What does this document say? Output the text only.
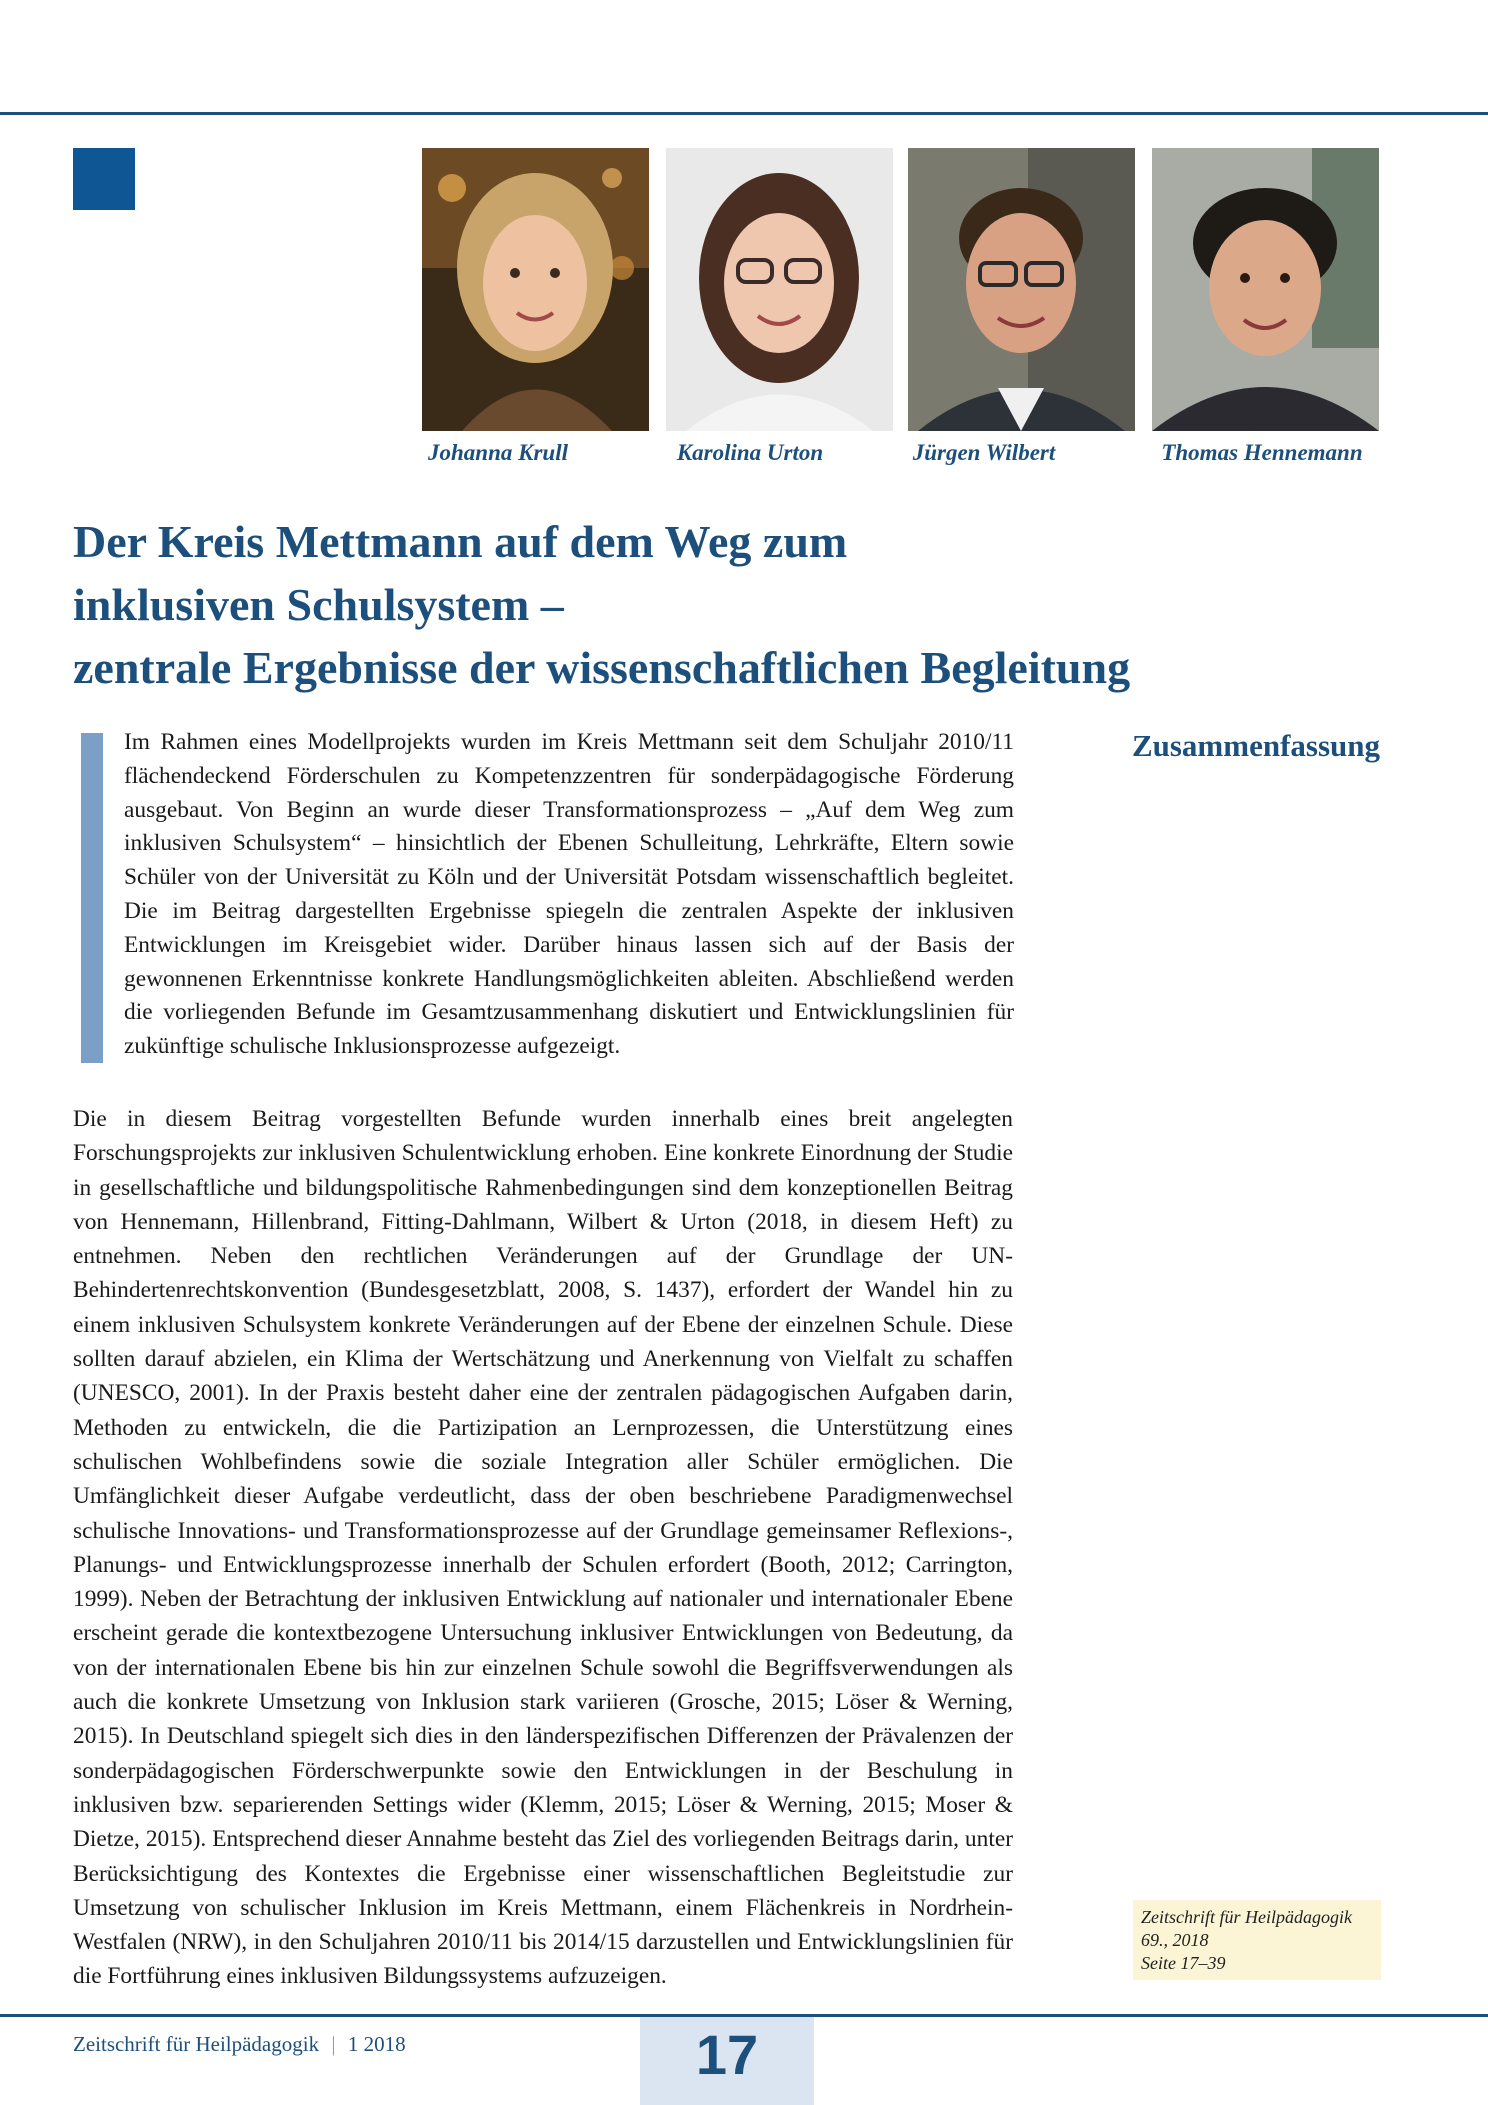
Johanna Krull	Karolina Urton	Jürgen Wilbert	Thomas Hennemann
Der Kreis Mettmann auf dem Weg zum
inklusiven Schulsystem –
zentrale Ergebnisse der wissenschaftlichen Begleitung
Im Rahmen eines Modellprojekts wurden im Kreis Mettmann seit dem Schuljahr 2010/11 flächendeckend Förderschulen zu Kompetenzzentren für sonderpädagogische Förderung ausgebaut. Von Beginn an wurde dieser Transformationsprozess – „Auf dem Weg zum inklusiven Schulsystem“ – hinsichtlich der Ebenen Schulleitung, Lehrkräfte, Eltern sowie Schüler von der Universität zu Köln und der Universität Potsdam wissenschaftlich begleitet. Die im Beitrag dargestellten Ergebnisse spiegeln die zentralen Aspekte der inklusiven Entwicklungen im Kreisgebiet wider. Darüber hinaus lassen sich auf der Basis der gewonnenen Erkenntnisse konkrete Handlungsmöglichkeiten ableiten. Abschließend werden die vorliegenden Befunde im Gesamtzusammenhang diskutiert und Entwicklungslinien für zukünftige schulische Inklusionsprozesse aufgezeigt.
Zusammenfassung
Die in diesem Beitrag vorgestellten Befunde wurden innerhalb eines breit angelegten Forschungsprojekts zur inklusiven Schulentwicklung erhoben. Eine konkrete Einordnung der Studie in gesellschaftliche und bildungspolitische Rahmenbedingungen sind dem konzeptionellen Beitrag von Hennemann, Hillenbrand, Fitting-Dahlmann, Wilbert & Urton (2018, in diesem Heft) zu entnehmen. Neben den rechtlichen Veränderungen auf der Grundlage der UN-Behindertenrechtskonvention (Bundesgesetzblatt, 2008, S. 1437), erfordert der Wandel hin zu einem inklusiven Schulsystem konkrete Veränderungen auf der Ebene der einzelnen Schule. Diese sollten darauf abzielen, ein Klima der Wertschätzung und Anerkennung von Vielfalt zu schaffen (UNESCO, 2001). In der Praxis besteht daher eine der zentralen pädagogischen Aufgaben darin, Methoden zu entwickeln, die die Partizipation an Lernprozessen, die Unterstützung eines schulischen Wohlbefindens sowie die soziale Integration aller Schüler ermöglichen. Die Umfänglichkeit dieser Aufgabe verdeutlicht, dass der oben beschriebene Paradigmenwechsel schulische Innovations- und Transformationsprozesse auf der Grundlage gemeinsamer Reflexions-, Planungs- und Entwicklungsprozesse innerhalb der Schulen erfordert (Booth, 2012; Carrington, 1999). Neben der Betrachtung der inklusiven Entwicklung auf nationaler und internationaler Ebene erscheint gerade die kontextbezogene Untersuchung inklusiver Entwicklungen von Bedeutung, da von der internationalen Ebene bis hin zur einzelnen Schule sowohl die Begriffsverwendungen als auch die konkrete Umsetzung von Inklusion stark variieren (Grosche, 2015; Löser & Werning, 2015). In Deutschland spiegelt sich dies in den länderspezifischen Differenzen der Prävalenzen der sonderpädagogischen Förderschwerpunkte sowie den Entwicklungen in der Beschulung in inklusiven bzw. separierenden Settings wider (Klemm, 2015; Löser & Werning, 2015; Moser & Dietze, 2015). Entsprechend dieser Annahme besteht das Ziel des vorliegenden Beitrags darin, unter Berücksichtigung des Kontextes die Ergebnisse einer wissenschaftlichen Begleitstudie zur Umsetzung von schulischer Inklusion im Kreis Mettmann, einem Flächenkreis in Nordrhein-Westfalen (NRW), in den Schuljahren 2010/11 bis 2014/15 darzustellen und Entwicklungslinien für die Fortführung eines inklusiven Bildungssystems aufzuzeigen.
Zeitschrift für Heilpädagogik
69., 2018
Seite 17–39
Zeitschrift für Heilpädagogik | 1 2018	17
